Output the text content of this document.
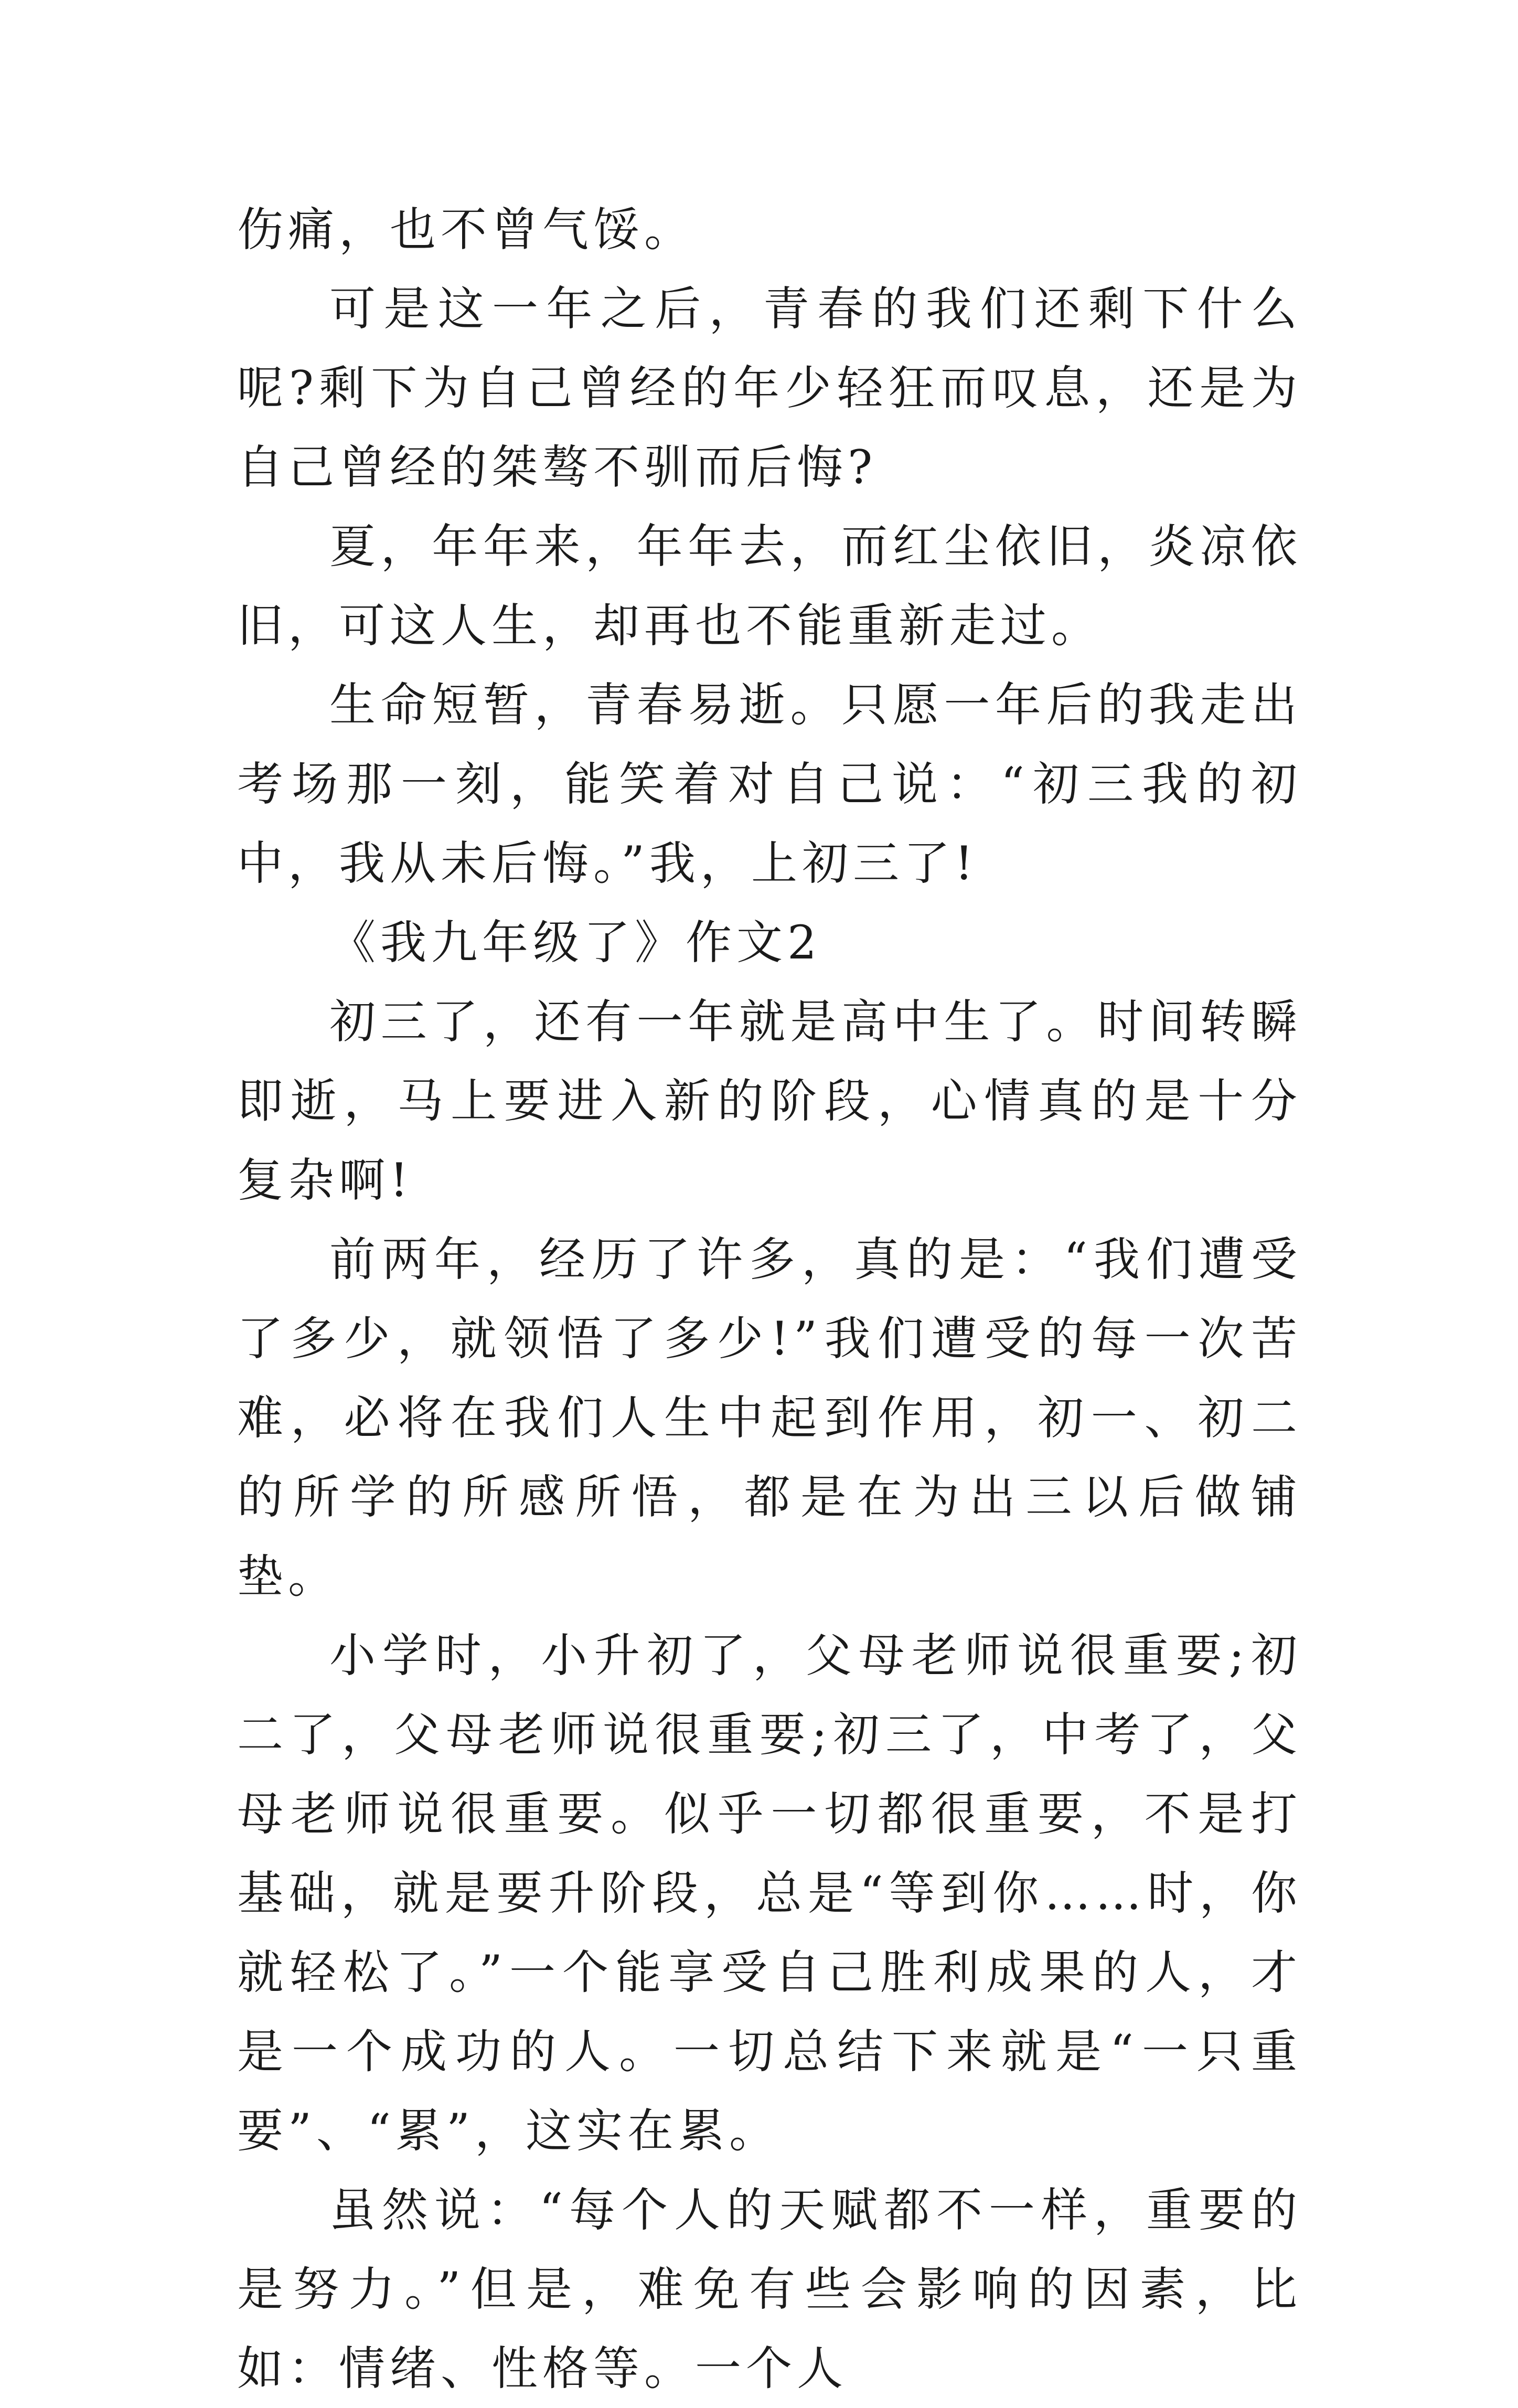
伤痛，也不曾气馁。

可是这一年之后，青春的我们还剩下什么呢?剩下为自己曾经的年少轻狂而叹息，还是为自己曾经的桀骜不驯而后悔?

夏，年年来，年年去，而红尘依旧，炎凉依旧，可这人生，却再也不能重新走过。

生命短暂，青春易逝。只愿一年后的我走出考场那一刻，能笑着对自己说：“初三我的初中，我从未后悔。”我，上初三了!

《我九年级了》作文2

初三了，还有一年就是高中生了。时间转瞬即逝，马上要进入新的阶段，心情真的是十分复杂啊!

前两年，经历了许多，真的是：“我们遭受了多少，就领悟了多少!”我们遭受的每一次苦难，必将在我们人生中起到作用，初一、初二的所学的所感所悟，都是在为出三以后做铺垫。

小学时，小升初了，父母老师说很重要;初二了，父母老师说很重要;初三了，中考了，父母老师说很重要。似乎一切都很重要，不是打基础，就是要升阶段，总是“等到你……时，你就轻松了。”一个能享受自己胜利成果的人，才是一个成功的人。一切总结下来就是“一只重要”、“累”，这实在累。

虽然说：“每个人的天赋都不一样，重要的是努力。”但是，难免有些会影响的因素，比如：情绪、性格等。一个人
